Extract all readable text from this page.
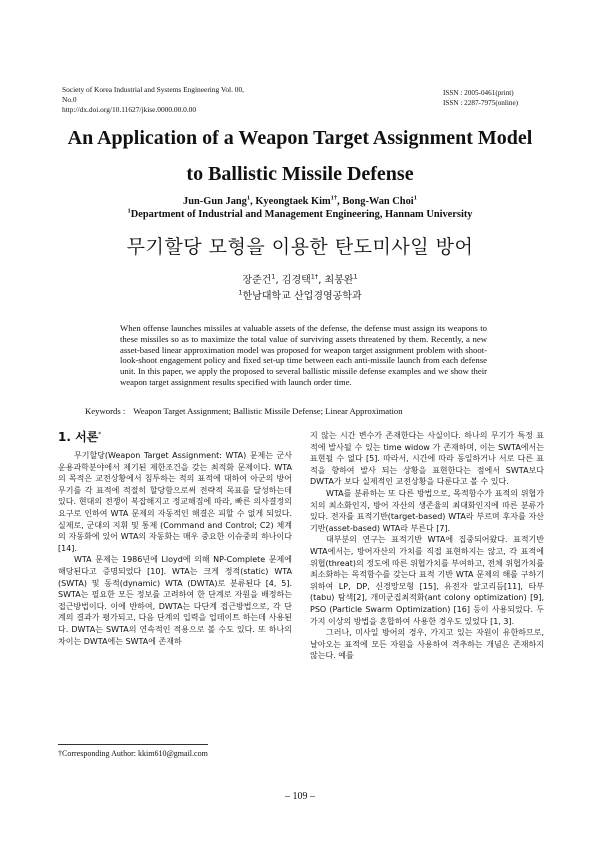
Society of Korea Industrial and Systems Engineering Vol. 00,
No.0
http://dx.doi.org/10.11627/jkise.0000.00.0.00
ISSN : 2005-0461(print)
ISSN : 2287-7975(online)
An Application of a Weapon Target Assignment Model
to Ballistic Missile Defense
Jun-Gun Jang$^1$, Kyeongtaek Kim$^{1\dagger}$, Bong-Wan Choi$^1$
$^1$Department of Industrial and Management Engineering, Hannam University
무기할당 모형을 이용한 탄도미사일 방어
장준건$^1$, 김경택$^{1\dagger}$, 최봉완$^1$
$^1$한남대학교 산업경영공학과
When offense launches missiles at valuable assets of the defense, the defense must assign its weapons to these missiles so as to maximize the total value of surviving assets threatened by them. Recently, a new asset-based linear approximation model was proposed for weapon target assignment problem with shoot-look-shoot engagement policy and fixed set-up time between each anti-missile launch from each defense unit. In this paper, we apply the proposed to several ballistic missile defense examples and we show their weapon target assignment results specified with launch order time.
Keywords : Weapon Target Assignment; Ballistic Missile Defense; Linear Approximation
1. 서론*

무기할당(Weapon Target Assignment: WTA) 문제는 군사운용과학분야에서 제기된 제한조건을 갖는 최적화 문제이다. WTA의 목적은 교전상황에서 침투하는 적의 표적에 대하여 아군의 방어무기를 각 표적에 적절히 할당함으로써 전략적 목표를 달성하는데 있다. 현대의 전쟁이 복잡해지고 정교해짐에 따라, 빠른 의사결정의 요구로 인하여 WTA 문제의 자동적인 해결은 피할 수 없게 되었다. 실제로, 군대의 지휘 및 통제 (Command and Control; C2) 체계의 자동화에 있어 WTA의 자동화는 매우 중요한 이슈중의 하나이다 [14].

WTA 문제는 1986년에 Lloyd에 의해 NP-Complete 문제에 해당된다고 증명되었다 [10]. WTA는 크게 정적(static) WTA (SWTA) 및 동적(dynamic) WTA (DWTA)로 분류된다 [4, 5]. SWTA는 필요한 모든 정보를 고려하여 한 단계로 자원을 배정하는 접근방법이다. 이에 반하여, DWTA는 다단계 접근방법으로, 각 단계의 결과가 평가되고, 다음 단계의 입력을 업데이트 하는데 사용된다. DWTA는 SWTA의 연속적인 적용으로 볼 수도 있다. 또 하나의 차이는 DWTA에는 SWTA에 존재하

지 않는 시간 변수가 존재한다는 사실이다. 하나의 무기가 특정 표적에 발사될 수 있는 time widow 가 존재하며, 이는 SWTA에서는 표현될 수 없다 [5]. 따라서, 시간에 따라 동일하거나 서로 다른 표적을 향하여 발사 되는 상황을 표현한다는 점에서 SWTA보다 DWTA가 보다 실제적인 교전상황을 다룬다고 볼 수 있다.

WTA를 분류하는 또 다른 방법으로, 목적함수가 표적의 위협가치의 최소화인지, 방어 자산의 생존율의 최대화인지에 따른 분류가 있다. 전자를 표적기반(target-based) WTA라 부르며 후자를 자산기반(asset-based) WTA라 부른다 [7].

대부분의 연구는 표적기반 WTA에 집중되어왔다. 표적기반 WTA에서는, 방어자산의 가치를 직접 표현하지는 않고, 각 표적에 위협(threat)의 정도에 따른 위협가치를 부여하고, 전체 위협가치를 최소화하는 목적함수를 갖는다 표적 기반 WTA 문제의 해를 구하기 위하여 LP, DP, 신경망모형 [15], 유전자 알고리듬[11], 타부(tabu) 탐색[2], 개미군집최적화(ant colony optimization) [9], PSO (Particle Swarm Optimization) [16] 등이 사용되었다. 두 가지 이상의 방법을 혼합하여 사용한 경우도 있었다 [1, 3].

그러나, 미사일 방어의 경우, 가지고 있는 자원이 유한하므로, 날아오는 표적에 모든 자원을 사용하여 격추하는 개념은 존재하지 않는다. 예를

†Corresponding Author: kkim610@gmail.com
– 109 –
